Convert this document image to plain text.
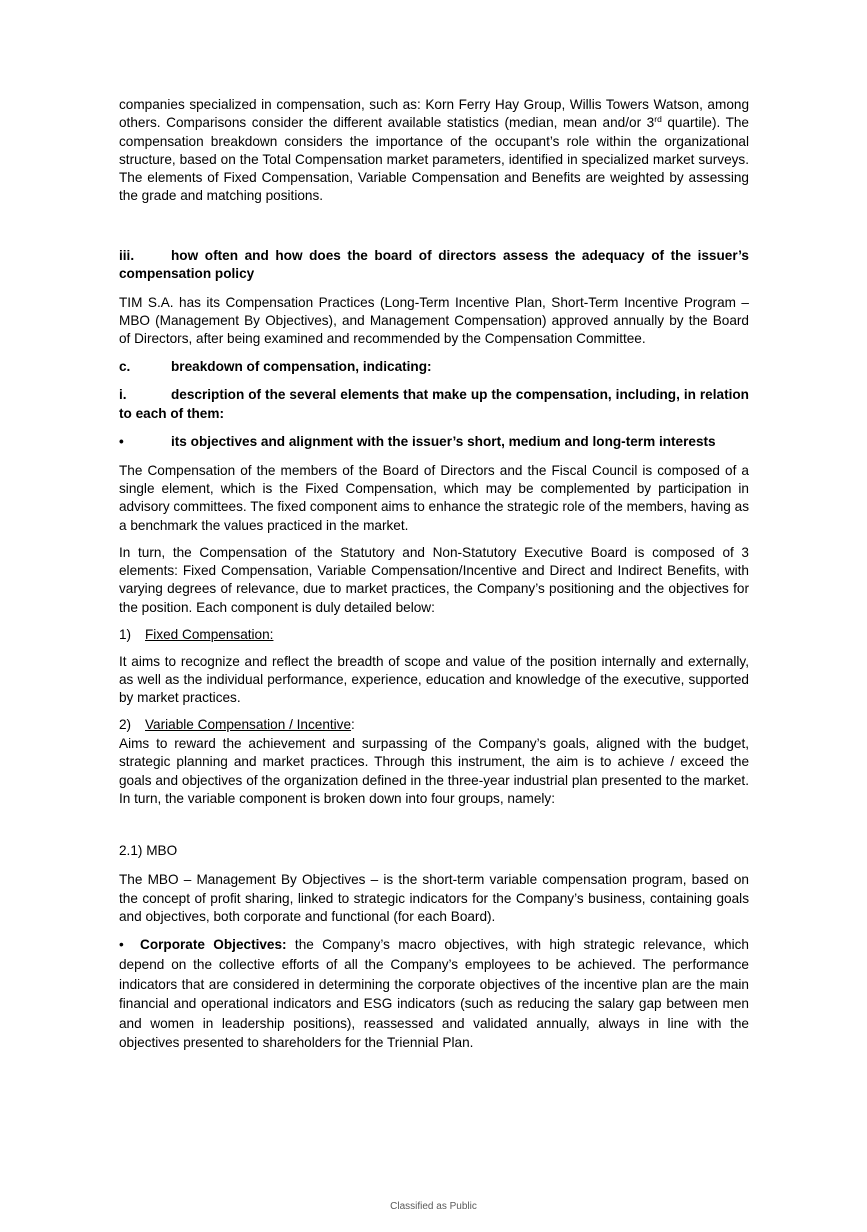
companies specialized in compensation, such as: Korn Ferry Hay Group, Willis Towers Watson, among others. Comparisons consider the different available statistics (median, mean and/or 3rd quartile). The compensation breakdown considers the importance of the occupant’s role within the organizational structure, based on the Total Compensation market parameters, identified in specialized market surveys. The elements of Fixed Compensation, Variable Compensation and Benefits are weighted by assessing the grade and matching positions.

iii.	how often and how does the board of directors assess the adequacy of the issuer’s compensation policy

TIM S.A. has its Compensation Practices (Long-Term Incentive Plan, Short-Term Incentive Program – MBO (Management By Objectives), and Management Compensation) approved annually by the Board of Directors, after being examined and recommended by the Compensation Committee.

c.	breakdown of compensation, indicating:
i.	description of the several elements that make up the compensation, including, in relation to each of them:
•	its objectives and alignment with the issuer’s short, medium and long-term interests

The Compensation of the members of the Board of Directors and the Fiscal Council is composed of a single element, which is the Fixed Compensation, which may be complemented by participation in advisory committees. The fixed component aims to enhance the strategic role of the members, having as a benchmark the values practiced in the market.

In turn, the Compensation of the Statutory and Non-Statutory Executive Board is composed of 3 elements: Fixed Compensation, Variable Compensation/Incentive and Direct and Indirect Benefits, with varying degrees of relevance, due to market practices, the Company’s positioning and the objectives for the position. Each component is duly detailed below:

1) Fixed Compensation:

It aims to recognize and reflect the breadth of scope and value of the position internally and externally, as well as the individual performance, experience, education and knowledge of the executive, supported by market practices.

2) Variable Compensation / Incentive:

Aims to reward the achievement and surpassing of the Company’s goals, aligned with the budget, strategic planning and market practices. Through this instrument, the aim is to achieve / exceed the goals and objectives of the organization defined in the three-year industrial plan presented to the market. In turn, the variable component is broken down into four groups, namely:

2.1) MBO

The MBO – Management By Objectives – is the short-term variable compensation program, based on the concept of profit sharing, linked to strategic indicators for the Company’s business, containing goals and objectives, both corporate and functional (for each Board).

• Corporate Objectives: the Company’s macro objectives, with high strategic relevance, which depend on the collective efforts of all the Company’s employees to be achieved. The performance indicators that are considered in determining the corporate objectives of the incentive plan are the main financial and operational indicators and ESG indicators (such as reducing the salary gap between men and women in leadership positions), reassessed and validated annually, always in line with the objectives presented to shareholders for the Triennial Plan.

Classified as Public
